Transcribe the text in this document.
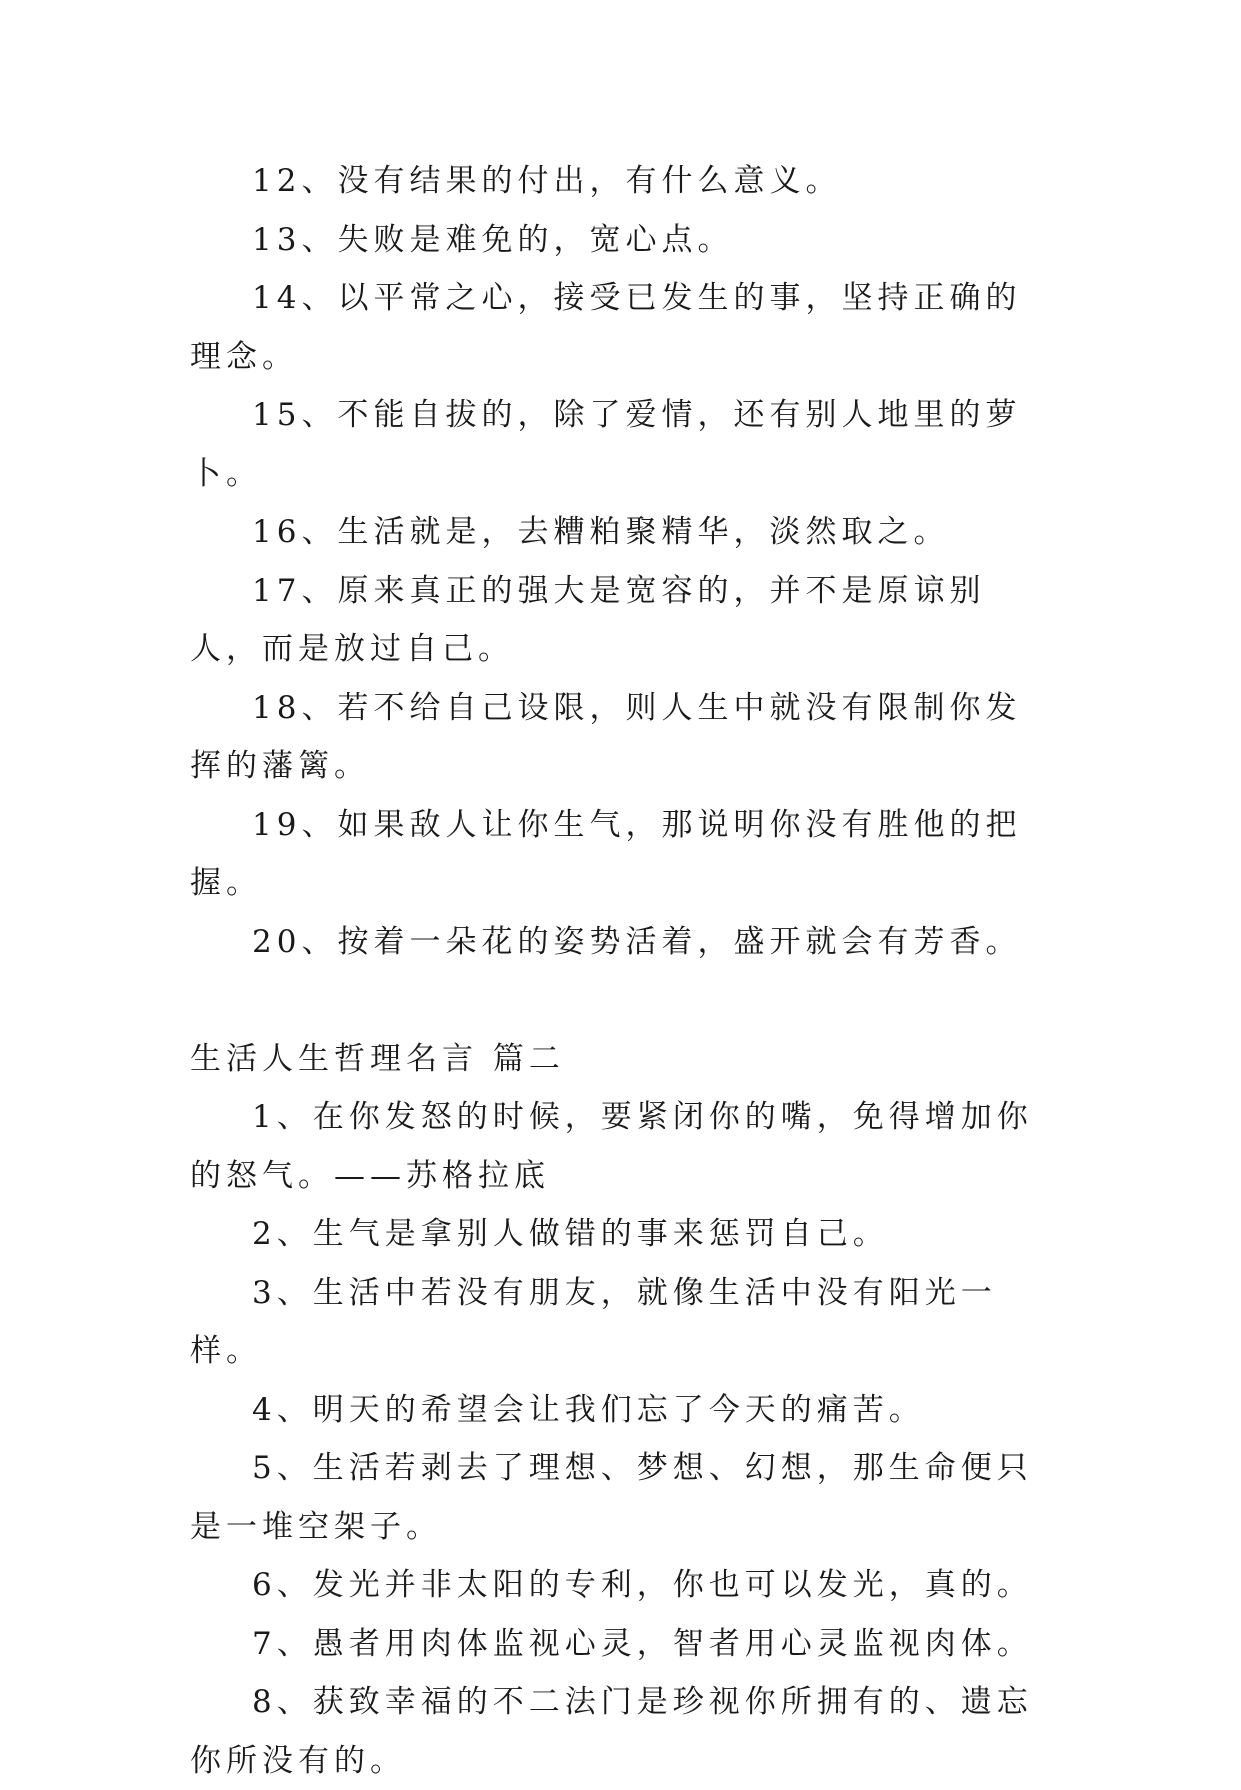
12、没有结果的付出，有什么意义。

13、失败是难免的，宽心点。

14、以平常之心，接受已发生的事，坚持正确的理念。

15、不能自拔的，除了爱情，还有别人地里的萝卜。

16、生活就是，去糟粕聚精华，淡然取之。

17、原来真正的强大是宽容的，并不是原谅别人，而是放过自己。

18、若不给自己设限，则人生中就没有限制你发挥的藩篱。

19、如果敌人让你生气，那说明你没有胜他的把握。

20、按着一朵花的姿势活着，盛开就会有芳香。

生活人生哲理名言 篇二

1、在你发怒的时候，要紧闭你的嘴，免得增加你的怒气。——苏格拉底

2、生气是拿别人做错的事来惩罚自己。

3、生活中若没有朋友，就像生活中没有阳光一样。

4、明天的希望会让我们忘了今天的痛苦。

5、生活若剥去了理想、梦想、幻想，那生命便只是一堆空架子。

6、发光并非太阳的专利，你也可以发光，真的。

7、愚者用肉体监视心灵，智者用心灵监视肉体。

8、获致幸福的不二法门是珍视你所拥有的、遗忘你所没有的。
